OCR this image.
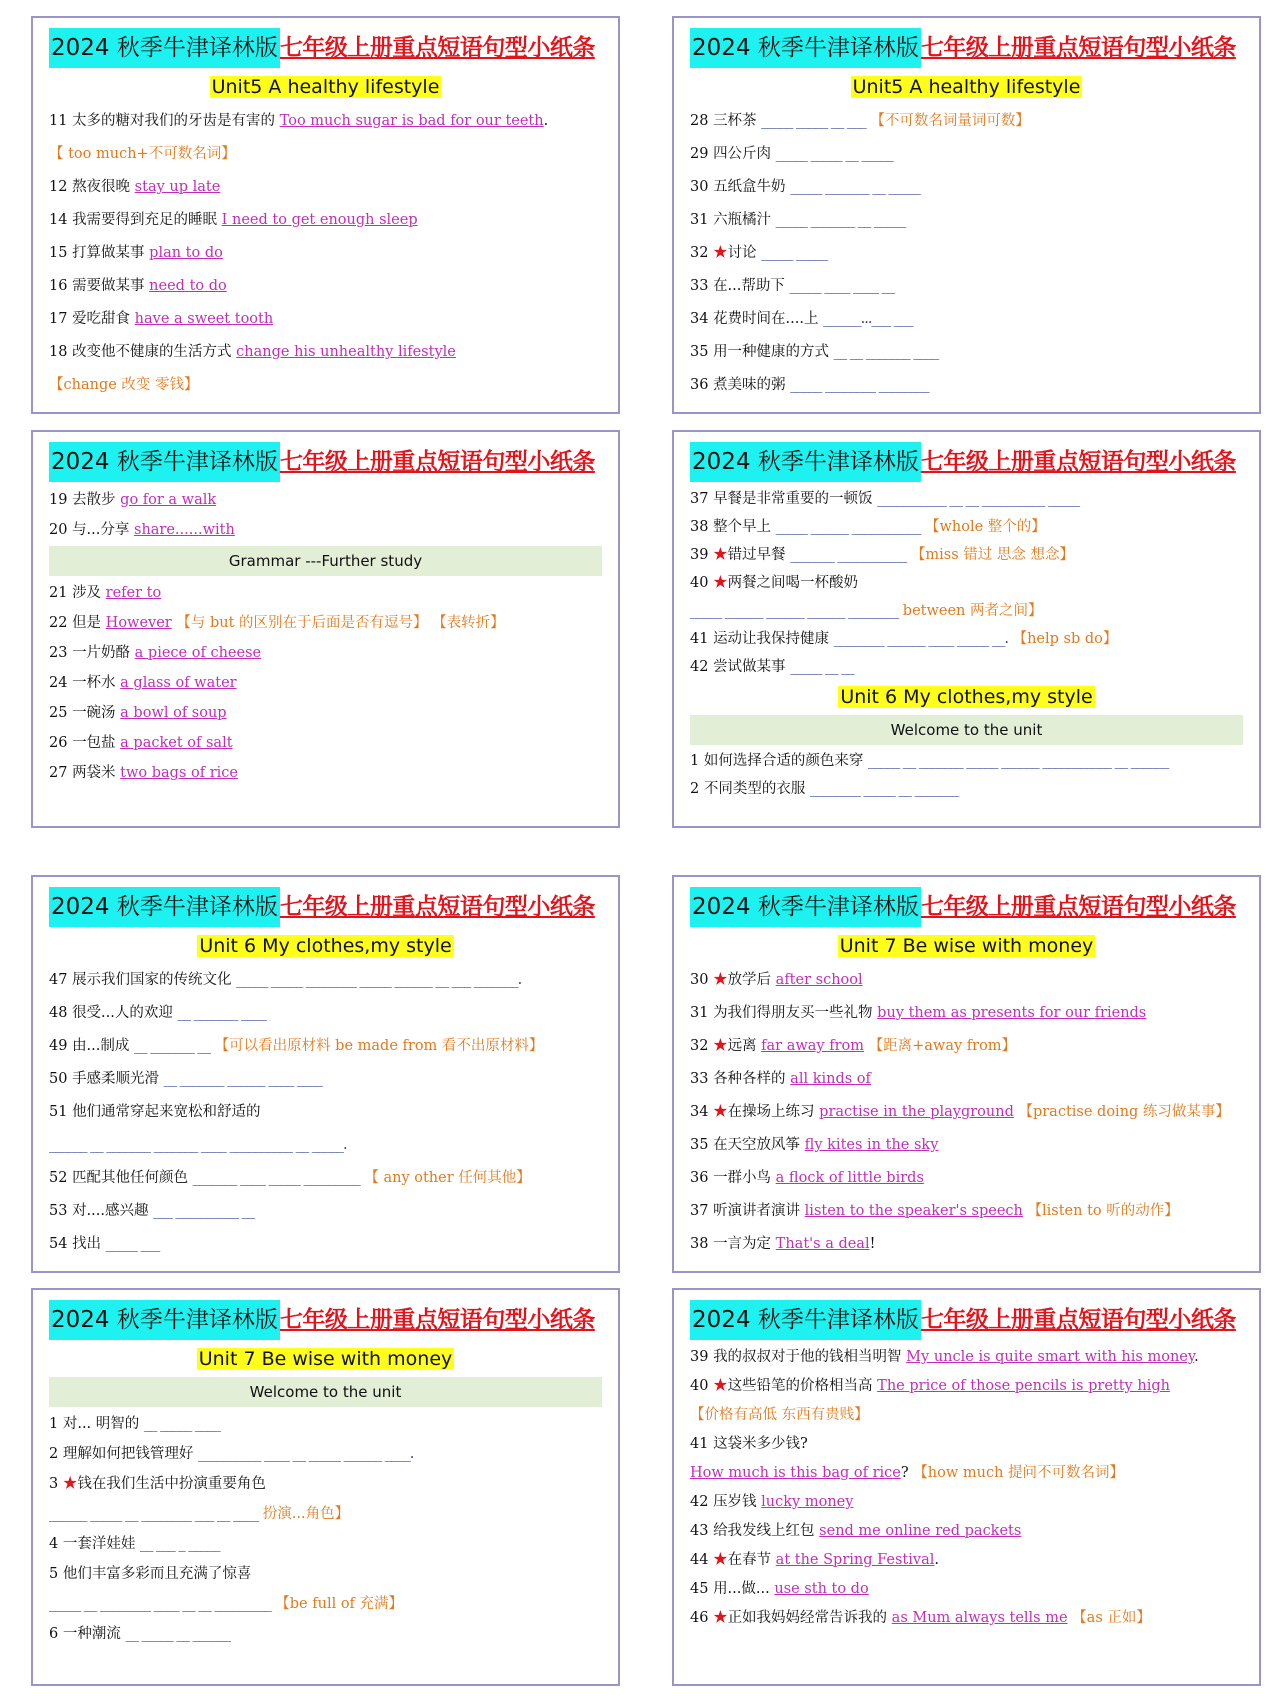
2024 秋季牛津译林版 七年级上册重点短语句型小纸条
Unit5 A healthy lifestyle
11 太多的糖对我们的牙齿是有害的 Too much sugar is bad for our teeth.
【 too much+不可数名词】
12 熬夜很晚 stay up late
14 我需要得到充足的睡眠 I need to get enough sleep
15 打算做某事 plan to do
16 需要做某事 need to do
17 爱吃甜食 have a sweet tooth
18 改变他不健康的生活方式 change his unhealthy lifestyle
【change 改变 零钱】
2024 秋季牛津译林版 七年级上册重点短语句型小纸条
Unit5 A healthy lifestyle
28 三杯茶 _____ _____ __ ___ 【不可数名词量词可数】
29 四公斤肉 _____ _____ __ _____
30 五纸盒牛奶 _____ _______ __ _____
31 六瓶橘汁 _____ _______ __ _____
32 ★讨论 _____ _____
33 在...帮助下 _____ ____ ____ __
34 花费时间在....上 ______...___ ___
35 用一种健康的方式 __ __ _______ ____
36 煮美味的粥 _____ ________ ________
2024 秋季牛津译林版 七年级上册重点短语句型小纸条
19 去散步 go for a walk
20 与...分享 share......with
Grammar ---Further study
21 涉及 refer to
22 但是 However 【与 but 的区别在于后面是否有逗号】 【表转折】
23 一片奶酪 a piece of cheese
24 一杯水 a glass of water
25 一碗汤 a bowl of soup
26 一包盐 a packet of salt
27 两袋米 two bags of rice
2024 秋季牛津译林版 七年级上册重点短语句型小纸条
37 早餐是非常重要的一顿饭 ___________ __ __ __________ _____
38 整个早上 _____ ______ ___________ 【whole 整个的】
39 ★错过早餐 _______ ___________ 【miss 错过 思念 想念】
40 ★两餐之间喝一杯酸奶
_____ ______ ______ ______ ________ between 两者之间】
41 运动让我保持健康 ________ ______ ____ _____ __. 【help sb do】
42 尝试做某事 _____ __ __
Unit 6 My clothes,my style
Welcome to the unit
1 如何选择合适的颜色来穿 _____ __ _______ _____ ______ ___________ __ ______
2 不同类型的衣服 ________ _____ __ _______
2024 秋季牛津译林版 七年级上册重点短语句型小纸条
Unit 6 My clothes,my style
47 展示我们国家的传统文化 _____ _____ ________ _____ ______ __ ___ _______.
48 很受...人的欢迎 __ _______ ____
49 由...制成 __ _______ __ 【可以看出原材料 be made from 看不出原材料】
50 手感柔顺光滑 __ _______ ______ ____ ____
51 他们通常穿起来宽松和舒适的
______ __ _______ _______ ____ __________ __ _____.
52 匹配其他任何颜色 _______ ____ _____ _________ 【 any other 任何其他】
53 对....感兴趣 ___ __________ __
54 找出 _____ ___
2024 秋季牛津译林版 七年级上册重点短语句型小纸条
Unit 7 Be wise with money
30 ★放学后 after school
31 为我们得朋友买一些礼物 buy them as presents for our friends
32 ★远离 far away from 【距离+away from】
33 各种各样的 all kinds of
34 ★在操场上练习 practise in the playground 【practise doing 练习做某事】
35 在天空放风筝 fly kites in the sky
36 一群小鸟 a flock of little birds
37 听演讲者演讲 listen to the speaker's speech 【listen to 听的动作】
38 一言为定 That's a deal!
2024 秋季牛津译林版 七年级上册重点短语句型小纸条
Unit 7 Be wise with money
Welcome to the unit
1 对... 明智的 __ _____ ____
2 理解如何把钱管理好 __________ ____ __ _____ ______ ____.
3 ★钱在我们生活中扮演重要角色
______ _____ __ ________ ___ __ ____ 扮演...角色】
4 一套洋娃娃 __ ___ _ _____
5 他们丰富多彩而且充满了惊喜
_____ __ ________ ____ __ __ _________ 【be full of 充满】
6 一种潮流 __ _____ __ ______
2024 秋季牛津译林版 七年级上册重点短语句型小纸条
39 我的叔叔对于他的钱相当明智 My uncle is quite smart with his money.
40 ★这些铅笔的价格相当高 The price of those pencils is pretty high
【价格有高低 东西有贵贱】
41 这袋米多少钱?
How much is this bag of rice? 【how much 提问不可数名词】
42 压岁钱 lucky money
43 给我发线上红包 send me online red packets
44 ★在春节 at the Spring Festival.
45 用...做... use sth to do
46 ★正如我妈妈经常告诉我的 as Mum always tells me 【as 正如】
